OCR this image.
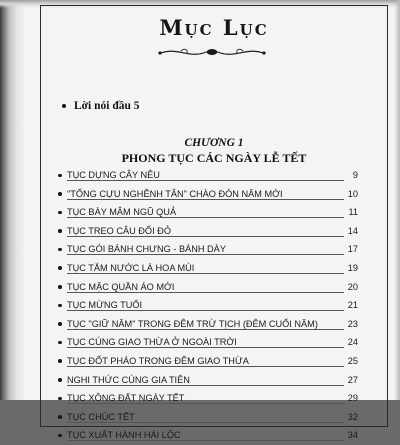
Mục Lục

Lời nói đầu 5

CHƯƠNG 1

PHONG TỤC CÁC NGÀY LỄ TẾT

TỤC DỰNG CÂY NÊU	9
"TỐNG CỰU NGHÊNH TÂN" CHÀO ĐÓN NĂM MỚI	10
TỤC BÀY MÂM NGŨ QUẢ	11
TỤC TREO CÂU ĐỐI ĐỎ	14
TỤC GÓI BÁNH CHƯNG - BÁNH DÀY	17
TỤC TẮM NƯỚC LÁ HOA MÙI	19
TỤC MẶC QUẦN ÁO MỚI	20
TỤC MỪNG TUỔI	21
TỤC "GIỮ NĂM" TRONG ĐÊM TRỪ TỊCH (ĐÊM CUỐI NĂM)	23
TỤC CÚNG GIAO THỪA Ở NGOÀI TRỜI	24
TỤC ĐỐT PHÁO TRONG ĐÊM GIAO THỪA	25
NGHI THỨC CÚNG GIA TIÊN	27
TỤC XÔNG ĐẤT NGÀY TẾT	29
TỤC CHÚC TẾT	32
TỤC XUẤT HÀNH HÁI LỘC	34
